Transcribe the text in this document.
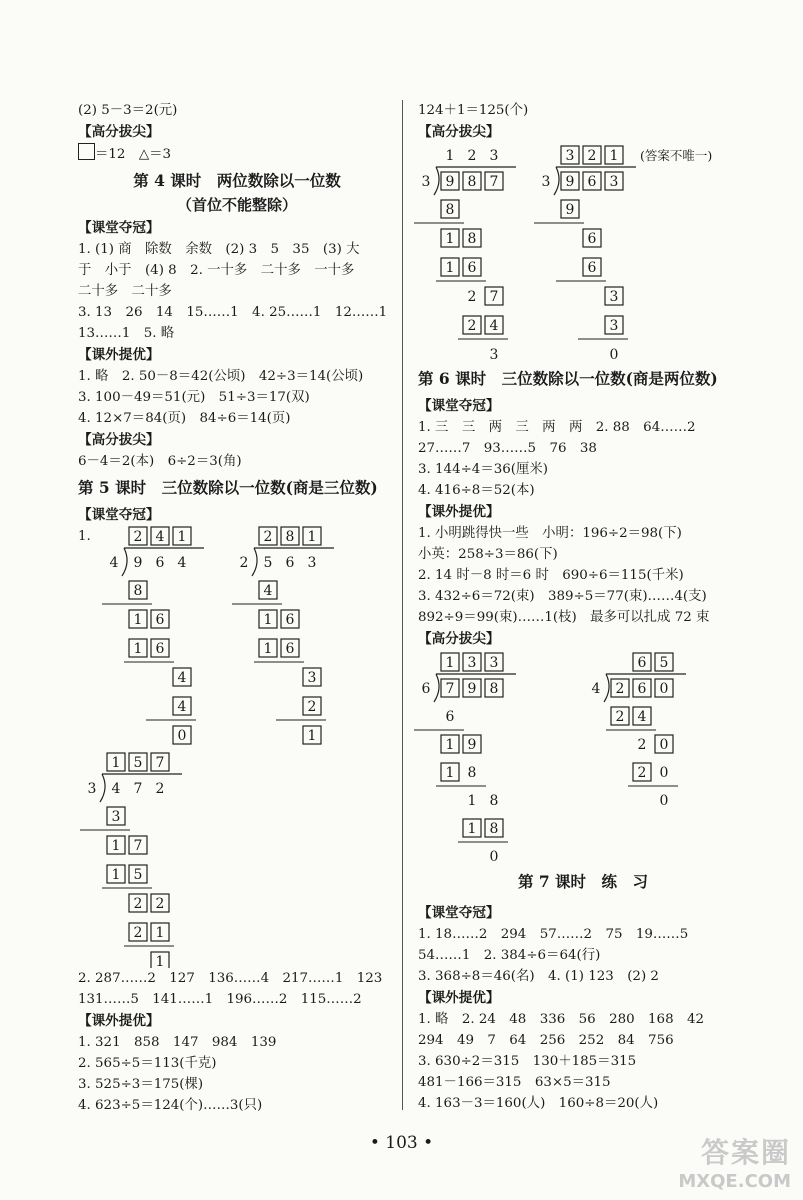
(2) 5－3＝2(元)
【高分拔尖】
＝12　 △＝3
第 4 课时　两位数除以一位数
（首位不能整除）
【课堂夺冠】
1. (1) 商　除数　余数　(2) 3　5　35　(3) 大
于　小于　(4) 8　2. 一十多　二十多　一十多
二十多　二十多
3. 13　26　14　15……1　4. 25……1　12……1
13……1　5. 略
【课外提优】
1. 略　2. 50－8＝42(公顷)　42÷3＝14(公顷)
3. 100－49＝51(元)　51÷3＝17(双)
4. 12×7＝84(页)　84÷6＝14(页)
【高分拔尖】
6－4＝2(本)　6÷2＝3(角)
第 5 课时　三位数除以一位数(商是三位数)
【课堂夺冠】
1.	2 4 1
4 9 6 4
8
1 6
1 6
4
4
0
2 8 1
2 5 6 3
4
1 6
1 6
3
2
1
1 5 7
3 4 7 2
3
1 7
1 5
2 2
2 1
1
2. 287……2　127　136……4　217……1　123
131……5　141……1　196……2　115……2
【课外提优】
1. 321　858　147　984　139
2. 565÷5＝113(千克)
3. 525÷3＝175(棵)
4. 623÷5＝124(个)……3(只)
124＋1＝125(个)
【高分拔尖】
1 2 3
3 9 8 7
8
1 8
1 6
2 7
2 4
3
3 2 1
3 9 6 3
(答案不唯一)
9
6
6
3
3
0
第 6 课时　三位数除以一位数(商是两位数)
【课堂夺冠】
1. 三　三　两　三　两　两　2. 88　64……2
27……7　93……5　76　38
3. 144÷4＝36(厘米)
4. 416÷8＝52(本)
【课外提优】
1. 小明跳得快一些　小明：196÷2＝98(下)
小英：258÷3＝86(下)
2. 14 时－8 时＝6 时　690÷6＝115(千米)
3. 432÷6＝72(束)　389÷5＝77(束)……4(支)
892÷9＝99(束)……1(枝)　最多可以扎成 72 束
【高分拔尖】
1 3 3
6 7 9 8
6
1 9
1 8
1 8
1 8
0
6 5
4 2 6 0
2 4
2 0
2 0
0
第 7 课时　练　习
【课堂夺冠】
1. 18……2　294　57……2　75　19……5
54……1　2. 384÷6＝64(行)
3. 368÷8＝46(名)　4. (1) 123　(2) 2
【课外提优】
1. 略　2. 24　48　336　56　280　168　42
294　49　7　64　256　252　84　756
3. 630÷2＝315　130＋185＝315
481－166＝315　63×5＝315
4. 163－3＝160(人)　160÷8＝20(人)
• 103 •	答案圈
MXQE.COM
